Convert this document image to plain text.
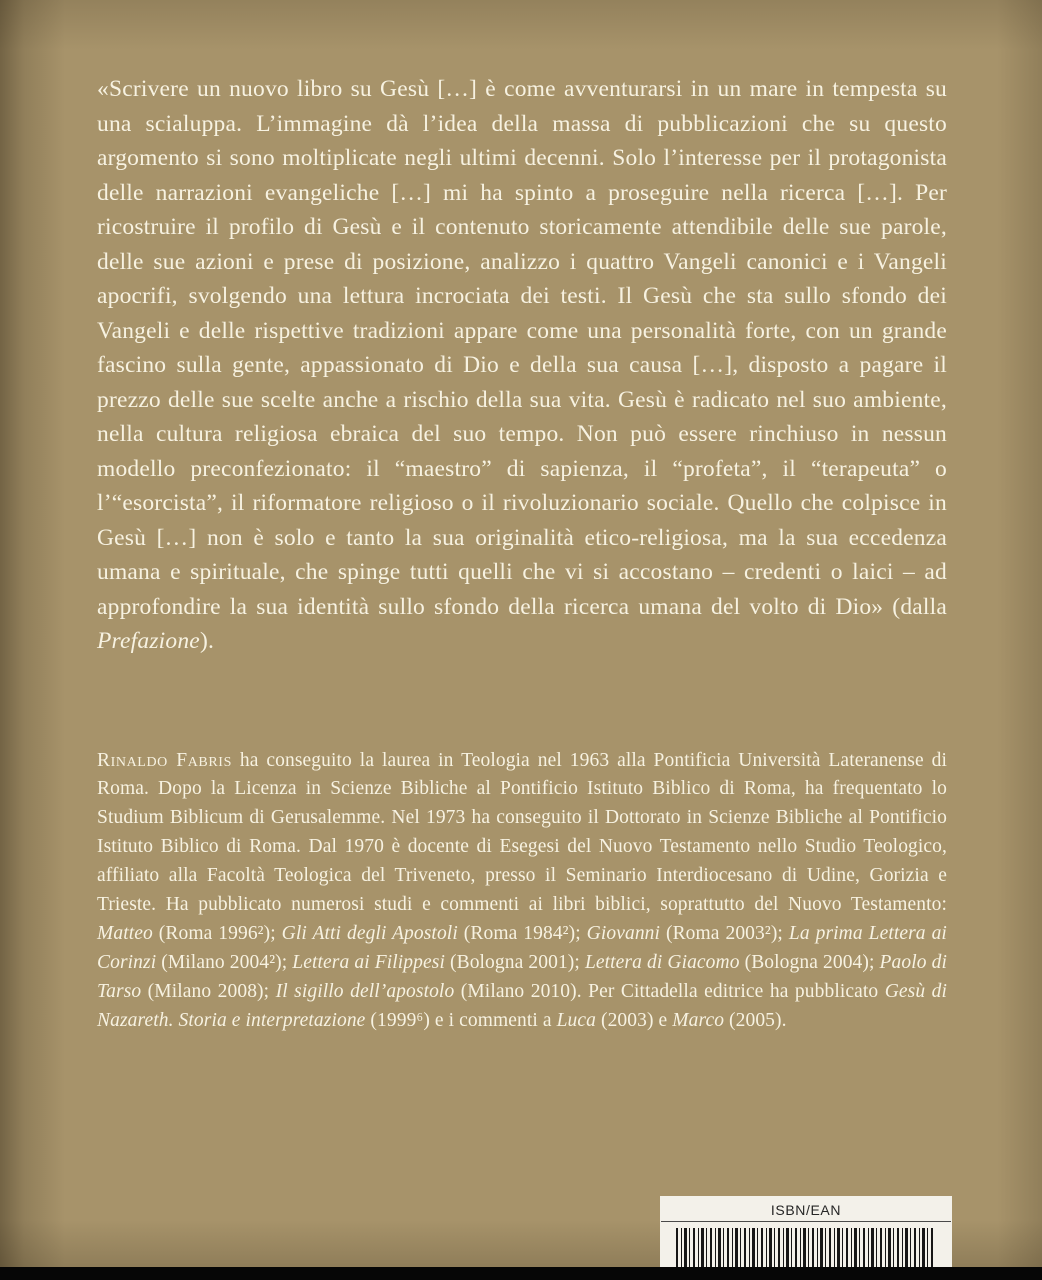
«Scrivere un nuovo libro su Gesù […] è come avventurarsi in un mare in tempesta su una scialuppa. L’immagine dà l’idea della massa di pubblicazioni che su questo argomento si sono moltiplicate negli ultimi decenni. Solo l’interesse per il protagonista delle narrazioni evangeliche […] mi ha spinto a proseguire nella ricerca […]. Per ricostruire il profilo di Gesù e il contenuto storicamente attendibile delle sue parole, delle sue azioni e prese di posizione, analizzo i quattro Vangeli canonici e i Vangeli apocrifi, svolgendo una lettura incrociata dei testi. Il Gesù che sta sullo sfondo dei Vangeli e delle rispettive tradizioni appare come una personalità forte, con un grande fascino sulla gente, appassionato di Dio e della sua causa […], disposto a pagare il prezzo delle sue scelte anche a rischio della sua vita. Gesù è radicato nel suo ambiente, nella cultura religiosa ebraica del suo tempo. Non può essere rinchiuso in nessun modello preconfezionato: il “maestro” di sapienza, il “profeta”, il “terapeuta” o l’“esorcista”, il riformatore religioso o il rivoluzionario sociale. Quello che colpisce in Gesù […] non è solo e tanto la sua originalità etico-religiosa, ma la sua eccedenza umana e spirituale, che spinge tutti quelli che vi si accostano – credenti o laici – ad approfondire la sua identità sullo sfondo della ricerca umana del volto di Dio» (dalla Prefazione).

Rinaldo Fabris ha conseguito la laurea in Teologia nel 1963 alla Pontificia Università Lateranense di Roma. Dopo la Licenza in Scienze Bibliche al Pontificio Istituto Biblico di Roma, ha frequentato lo Studium Biblicum di Gerusalemme. Nel 1973 ha conseguito il Dottorato in Scienze Bibliche al Pontificio Istituto Biblico di Roma. Dal 1970 è docente di Esegesi del Nuovo Testamento nello Studio Teologico, affiliato alla Facoltà Teologica del Triveneto, presso il Seminario Interdiocesano di Udine, Gorizia e Trieste. Ha pubblicato numerosi studi e commenti ai libri biblici, soprattutto del Nuovo Testamento: Matteo (Roma 1996²); Gli Atti degli Apostoli (Roma 1984²); Giovanni (Roma 2003²); La prima Lettera ai Corinzi (Milano 2004²); Lettera ai Filippesi (Bologna 2001); Lettera di Giacomo (Bologna 2004); Paolo di Tarso (Milano 2008); Il sigillo dell’apostolo (Milano 2010). Per Cittadella editrice ha pubblicato Gesù di Nazareth. Storia e interpretazione (1999⁶) e i commenti a Luca (2003) e Marco (2005).

ISBN/EAN
